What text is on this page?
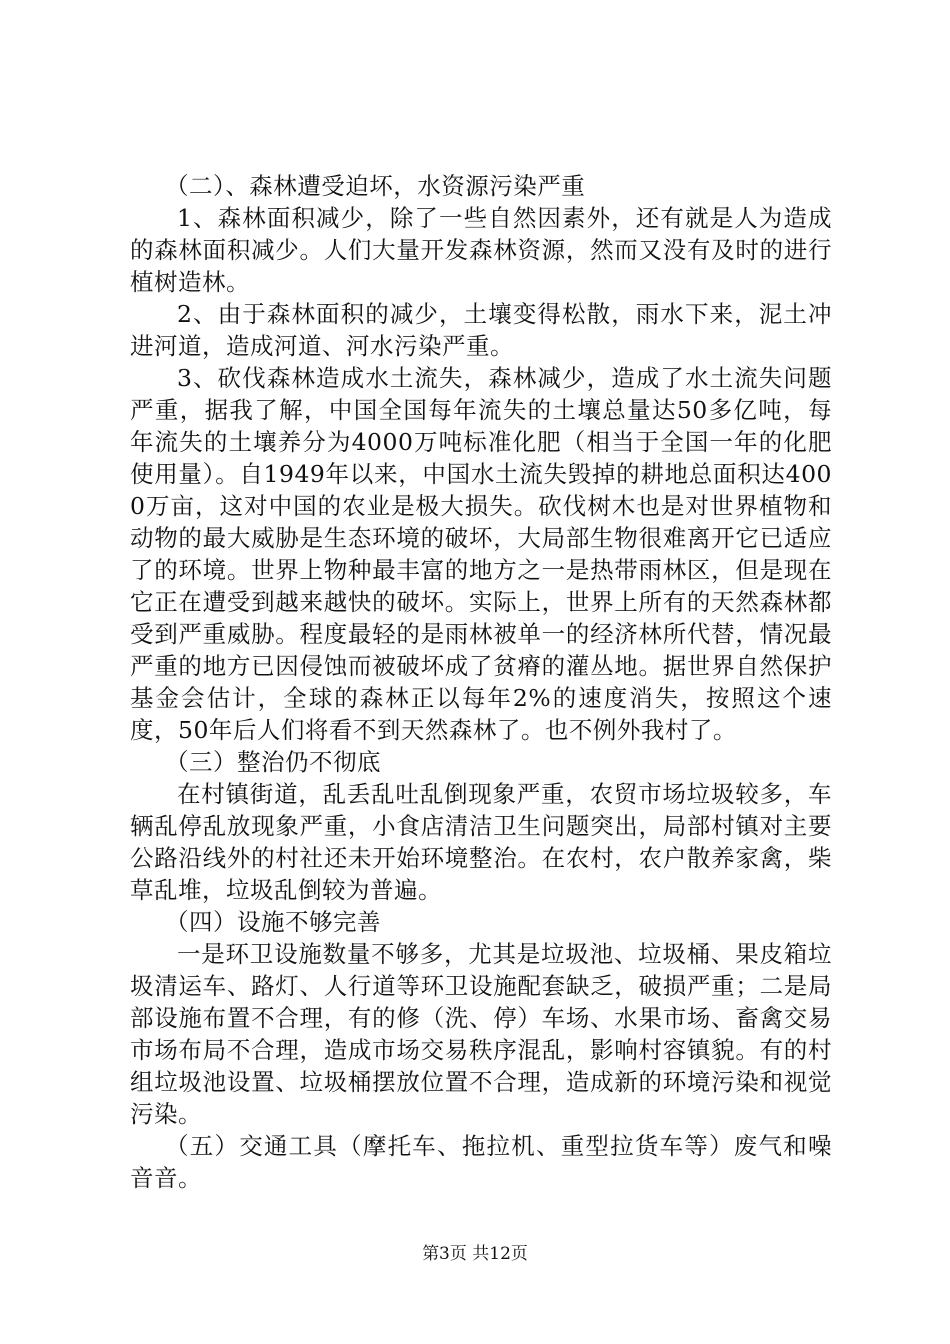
（二）、森林遭受迫坏，水资源污染严重

1、森林面积减少，除了一些自然因素外，还有就是人为造成的森林面积减少。人们大量开发森林资源，然而又没有及时的进行植树造林。

2、由于森林面积的减少，土壤变得松散，雨水下来，泥土冲进河道，造成河道、河水污染严重。

3、砍伐森林造成水土流失，森林减少，造成了水土流失问题严重，据我了解，中国全国每年流失的土壤总量达50多亿吨，每年流失的土壤养分为4000万吨标准化肥（相当于全国一年的化肥使用量）。自1949年以来，中国水土流失毁掉的耕地总面积达4000万亩，这对中国的农业是极大损失。砍伐树木也是对世界植物和动物的最大威胁是生态环境的破坏，大局部生物很难离开它已适应了的环境。世界上物种最丰富的地方之一是热带雨林区，但是现在它正在遭受到越来越快的破坏。实际上，世界上所有的天然森林都受到严重威胁。程度最轻的是雨林被单一的经济林所代替，情况最严重的地方已因侵蚀而被破坏成了贫瘠的灌丛地。据世界自然保护基金会估计，全球的森林正以每年2%的速度消失，按照这个速度，50年后人们将看不到天然森林了。也不例外我村了。

（三）整治仍不彻底

在村镇街道，乱丢乱吐乱倒现象严重，农贸市场垃圾较多，车辆乱停乱放现象严重，小食店清洁卫生问题突出，局部村镇对主要公路沿线外的村社还未开始环境整治。在农村，农户散养家禽，柴草乱堆，垃圾乱倒较为普遍。

（四）设施不够完善

一是环卫设施数量不够多，尤其是垃圾池、垃圾桶、果皮箱垃圾清运车、路灯、人行道等环卫设施配套缺乏，破损严重；二是局部设施布置不合理，有的修（洗、停）车场、水果市场、畜禽交易市场布局不合理，造成市场交易秩序混乱，影响村容镇貌。有的村组垃圾池设置、垃圾桶摆放位置不合理，造成新的环境污染和视觉污染。

（五）交通工具（摩托车、拖拉机、重型拉货车等）废气和噪音音。

第3页 共12页
